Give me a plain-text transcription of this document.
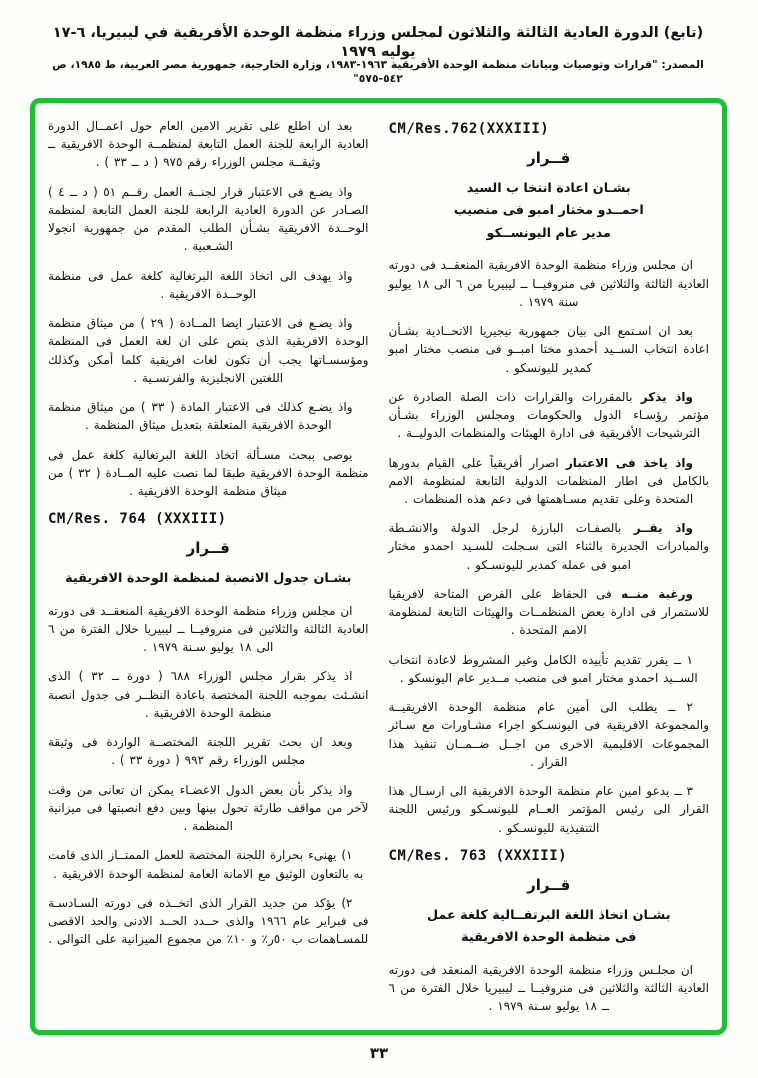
(تابع) الدورة العادية الثالثة والثلاثون لمجلس وزراء منظمة الوحدة الأفريقية في ليبيريا، ٦-١٧ يوليه ١٩٧٩
المصدر: "قرارات وتوصيات وبيانات منظمة الوحدة الأفريقية ١٩٦٣-١٩٨٣، وزارة الخارجية، جمهورية مصر العربية، ط ١٩٨٥، ص ٥٤٢-٥٧٥"
CM/Res.762(XXXIII)
قــرار
بشـان اعادة انتخا ب السيد
احمــدو مختار امبو فى منصيب
مدير عام اليونســكو
ان مجلس وزراء منظمة الوحدة الافريقية المنعقــد فى دورته العادية الثالثة والثلاثين فى منروفيــا ــ ليبيريا من ٦ الى ١٨ يوليو سنة ١٩٧٩ .
بعد ان اسـتمع الى بيان جمهورية نيجيريا الاتحــادية بشـأن اعادة انتخاب الســيد أحمدو مختا امبــو فى منصب مختار امبو كمدير لليونسكو .
واذ يذكر بالمقررات والقرارات ذات الصلة الصادرة عن مؤتمر رؤسـاء الدول والحكومات ومجلس الوزراء بشـأن الترشيحات الأفريقية فى ادارة الهيئات والمنظمات الدوليــة .
واذ ياخذ فى الاعتبار اصرار أفريقياً على القيام بدورها بالكامل فى اطار المنظمات الدولية التابعة لمنظومة الامم المتحدة وعلى تقديم مسـاهمتها فى دعم هذه المنظمات .
واذ يقــر بالصفـات البارزة لرجل الدولة والانشـطة والمبادرات الجديرة بالثناء التى سـجلت للسـيد احمدو مختار امبو فى عمله كمدير لليونسـكو .
ورغبة منــه فى الحفاظ على الفرص المتاحة لافريقيا للاستمرار فى ادارة بعض المنظمــات والهيئات التابعة لمنظومة الامم المتحدة .
١ ــ يقرر تقديم تأييده الكامل وغير المشروط لاعادة انتخاب الســيد احمدو مختار امبو فى منصب مــدير عام اليونسكو .
٢ ــ يطلب الى أمين عام منظمة الوحدة الافريقيــة والمجموعة الافريقية فى اليونسـكو اجراء مشـاورات مع سـائر المجموعات الاقليمية الاخرى من اجــل ضــمــان تنفيذ هذا القرار .
٣ ــ يدعو امين عام منظمة الوحدة الافريقية الى ارسـال هذا القرار الى رئيس المؤتمر العــام لليونسـكو ورئيس اللجنة التنفيذية لليونسـكو .
CM/Res. 763 (XXXIII)
قــرار
بشـان اتخاذ اللغة البرتفــالية كلغة عمل
فى منظمة الوحدة الافريقية
ان مجلـس وزراء منظمة الوحدة الافريقية المنعقد فى دورته العادية الثالثة والثلاثين فى منروفيــا ــ ليبيريا خلال الفترة من ٦ ــ ١٨ يوليو سـنة ١٩٧٩ .
بعد ان اطلع على تقرير الامين العام حول اعمــال الدورة العادية الرابعة للجنة العمل التابعة لمنظمــة الوحدة الافريقية ــ وثيقــة مجلس الوزراء رقم ٩٧٥ ( د ــ ٣٣ ) .
واذ يضـع فى الاعتبار قرار لجنــة العمل رقــم ٥١ ( د ــ ٤ ) الصـادر عن الدورة العادية الرابعة للجنة العمل التابعة لمنظمة الوحــدة الافريقية بشـأن الطلب المقدم من جمهورية انجولا الشـعبية .
واذ يهدف الى اتخاذ اللغة البرتغالية كلغة عمل فى منظمة الوحــدة الافريقية .
واذ يضـع فى الاعتبار ايضا المــادة ( ٢٩ ) من ميثاق منظمة الوحدة الافريقية الذى ينص على ان لغة العمل فى المنظمة ومؤسسـاتها يجب أن تكون لغات افريقية كلما أمكن وكذلك اللغتين الانجليزية والفرنسـية .
واذ يضـع كذلك فى الاعتبار المادة ( ٣٣ ) من ميثاق منظمة الوحدة الافريقية المتعلقة بتعديل ميثاق المنظمة .
يوصى ببحث مسـألة اتخاذ اللغة البرتغالية كلغة عمل فى منظمة الوحدة الافريقية طبقا لما نصت عليه المــادة ( ٣٢ ) من ميثاق منظمة الوحدة الافريقية .
CM/Res. 764 (XXXIII)
قــرار
بشـان جدول الانصبة لمنظمة الوحدة الافريقية
ان مجلس وزراء منظمة الوحدة الافريقية المنعقــد فى دورته العادية الثالثة والثلاثين فى منروفيــا ــ ليبيريا خلال الفترة من ٦ الى ١٨ يوليو سـنة ١٩٧٩ .
اذ يذكر بقرار مجلس الوزراء ٦٨٨ ( دورة ــ ٣٢ ) الذى انشـئت بموجبه اللجنة المختصة باعادة النظــر فى جدول انصبة منظمة الوحدة الافريقية .
وبعد ان بحث تقرير اللجنة المختصــة الواردة فى وثيقة مجلس الوزراء رقم ٩٩٢ ( دورة ٣٣ ) .
واذ يذكر بأن بعض الدول الاعضـاء يمكن ان تعانى من وقت لآخر من مواقف طارئة تحول بينها وبين دفع انصبتها فى ميزانية المنظمة .
١) يهنىء بحرارة اللجنة المختصة للعمل الممتــاز الذى قامت به بالتعاون الوثيق مع الامانة العامة لمنظمة الوحدة الافريقية .
٢) يؤكد من جديد القرار الذى اتخــذه فى دورته السـادسـة فى فبراير عام ١٩٦٦ والذى حــدد الحــد الادنى والحد الاقصى للمسـاهمات ب ٥٠ر٪ و ١٠٪ من مجموع الميزانية على التوالى .
٣٣
